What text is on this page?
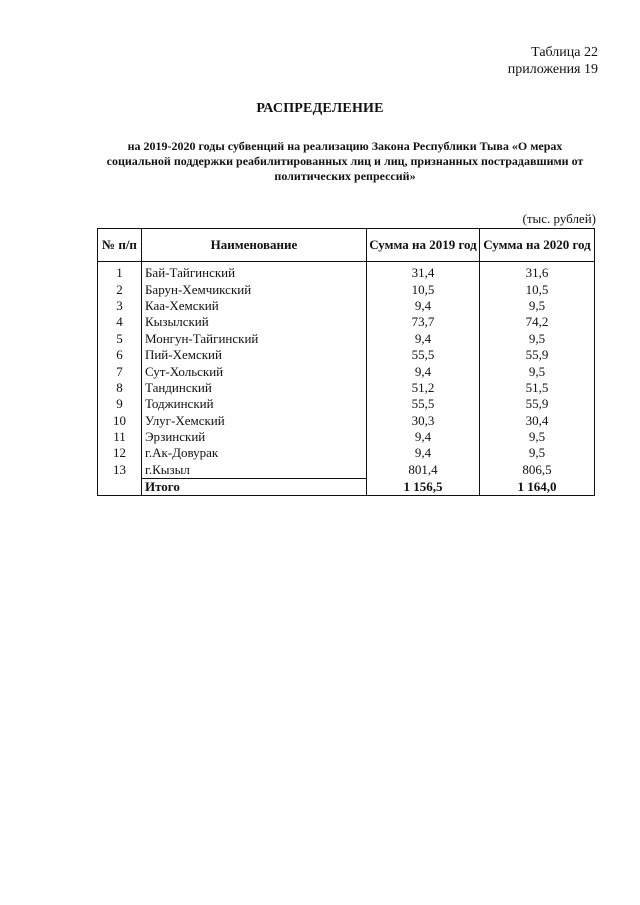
Таблица 22
приложения 19
РАСПРЕДЕЛЕНИЕ
на 2019-2020 годы субвенций на реализацию Закона Республики Тыва «О мерах
социальной поддержки реабилитированных лиц и лиц, признанных пострадавшими от
политических репрессий»
(тыс. рублей)
№ п/п	Наименование	Сумма на 2019 год	Сумма на 2020 год
1	Бай-Тайгинский	31,4	31,6
2	Барун-Хемчикский	10,5	10,5
3	Каа-Хемский	9,4	9,5
4	Кызылский	73,7	74,2
5	Монгун-Тайгинский	9,4	9,5
6	Пий-Хемский	55,5	55,9
7	Сут-Хольский	9,4	9,5
8	Тандинский	51,2	51,5
9	Тоджинский	55,5	55,9
10	Улуг-Хемский	30,3	30,4
11	Эрзинский	9,4	9,5
12	г.Ак-Довурак	9,4	9,5
13	г.Кызыл	801,4	806,5
	Итого	1 156,5	1 164,0
